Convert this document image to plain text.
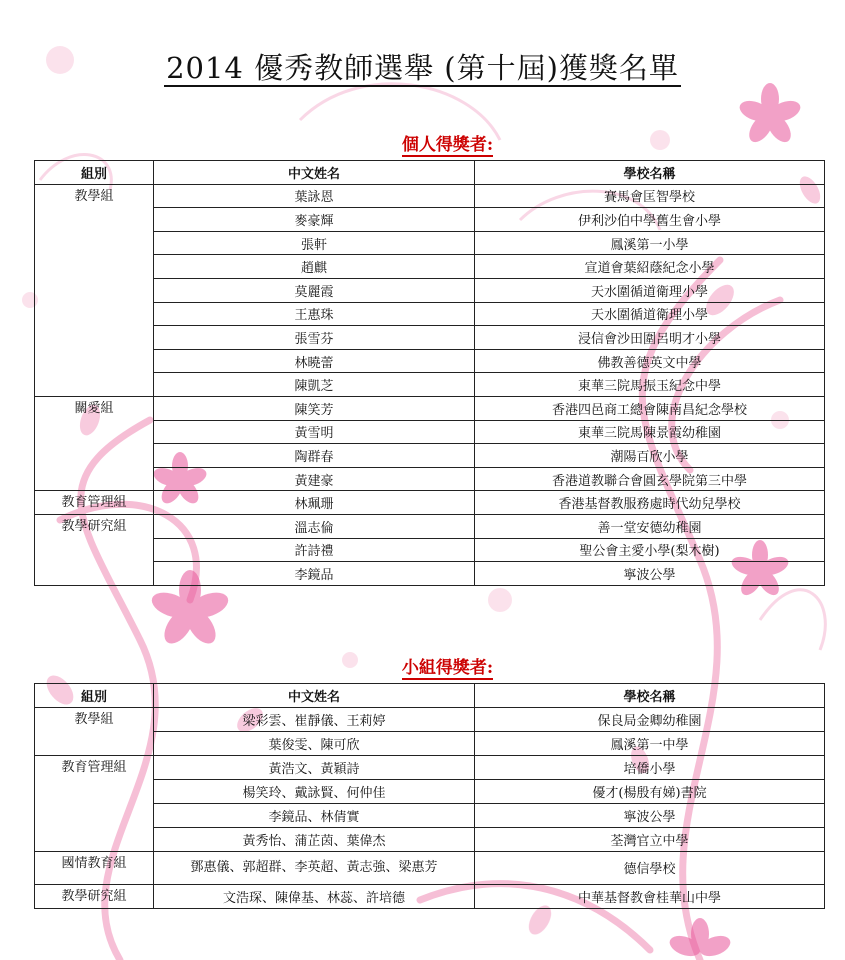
2014 優秀教師選舉 (第十屆)獲獎名單
個人得獎者:
組別	中文姓名	學校名稱
教學組	葉詠恩	賽馬會匡智學校
	麥豪輝	伊利沙伯中學舊生會小學
	張軒	鳳溪第一小學
	趙麒	宣道會葉紹蔭紀念小學
	莫麗霞	天水圍循道衛理小學
	王惠珠	天水圍循道衛理小學
	張雪芬	浸信會沙田圍呂明才小學
	林曉蕾	佛教善德英文中學
	陳凱芝	東華三院馬振玉紀念中學
關愛組	陳笑芳	香港四邑商工總會陳南昌紀念學校
	黃雪明	東華三院馬陳景霞幼稚園
	陶群春	潮陽百欣小學
	黃建豪	香港道教聯合會圓玄學院第三中學
教育管理組	林珮珊	香港基督教服務處時代幼兒學校
教學研究組	溫志倫	善一堂安德幼稚園
	許詩禮	聖公會主愛小學(梨木樹)
	李鏡品	寧波公學
小組得獎者:
組別	中文姓名	學校名稱
教學組	梁彩雲、崔靜儀、王莉婷	保良局金卿幼稚園
	葉俊雯、陳可欣	鳳溪第一中學
教育管理組	黃浩文、黃穎詩	培僑小學
	楊笑玲、戴詠賢、何仲佳	優才(楊殷有娣)書院
	李鏡品、林倩實	寧波公學
	黃秀怡、蒲芷茵、葉偉杰	荃灣官立中學
國情教育組	鄧惠儀、郭超群、李英超、黃志強、梁惠芳	德信學校
教學研究組	文浩琛、陳偉基、林蕊、許培德	中華基督教會桂華山中學
